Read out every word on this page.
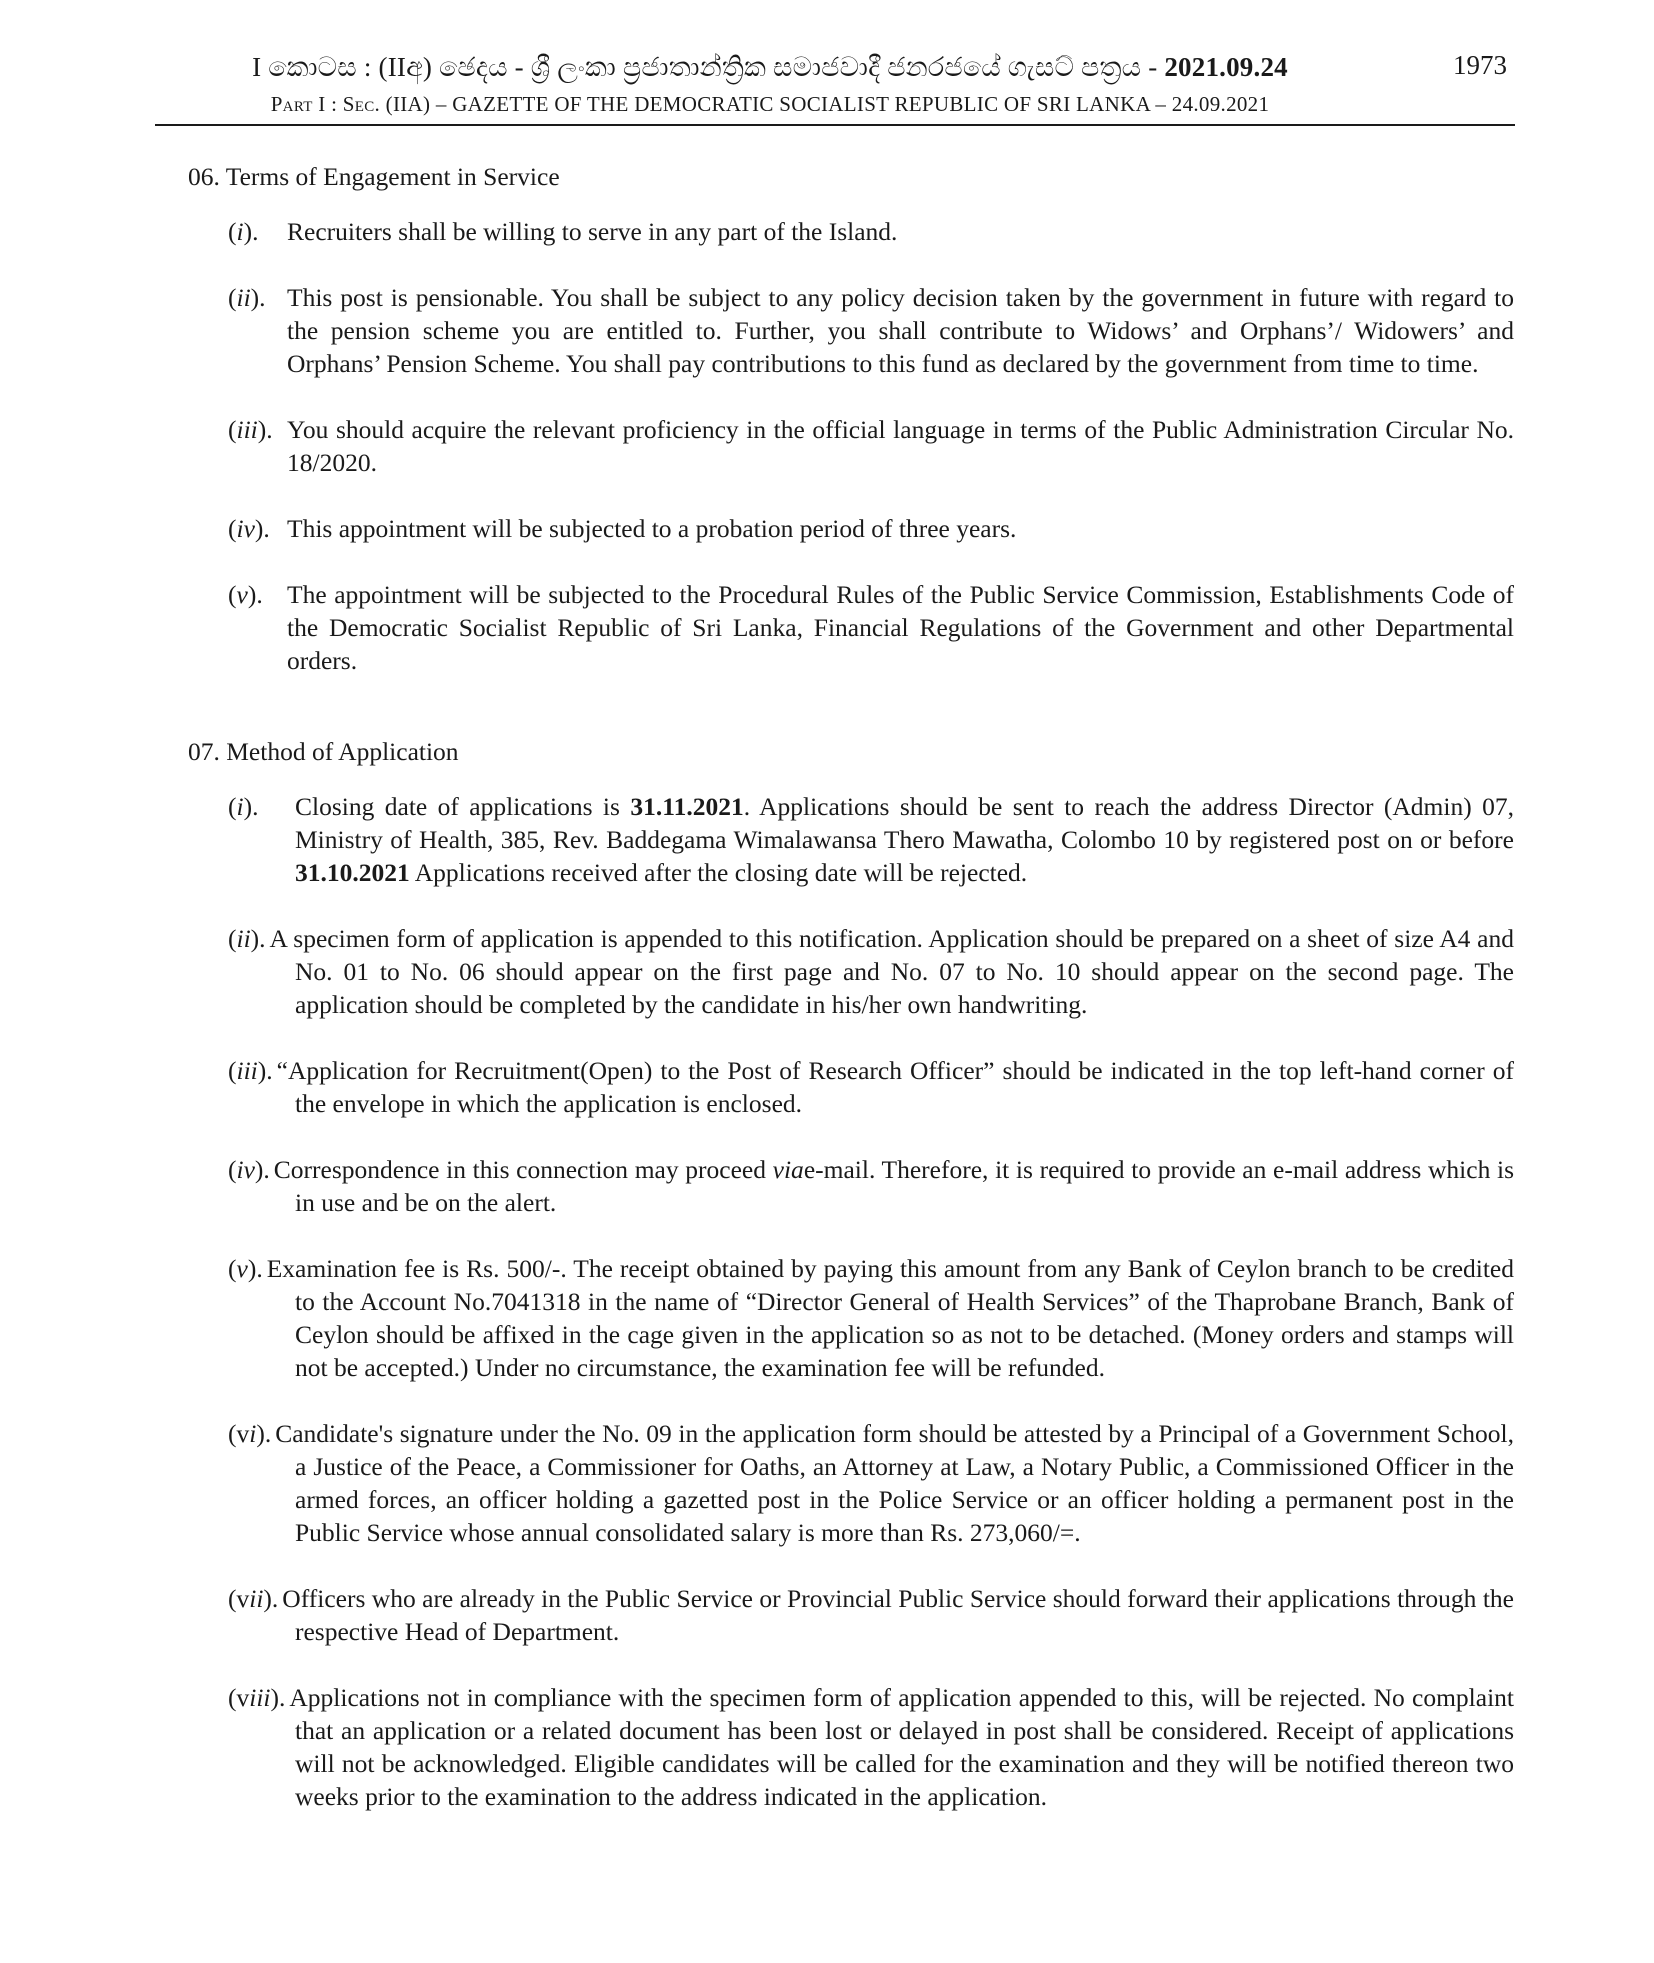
I කොටස : (IIඅ) ඡෙදය - ශ්‍රී ලංකා ප්‍රජාතාන්ත්‍රික සමාජවාදී ජනරජයේ ගැසට් පත්‍රය - 2021.09.24
Part I : Sec. (IIA) – GAZETTE OF THE DEMOCRATIC SOCIALIST REPUBLIC OF SRI LANKA – 24.09.2021
1973
06. Terms of Engagement in Service
(i). Recruiters shall be willing to serve in any part of the Island.
(ii). This post is pensionable. You shall be subject to any policy decision taken by the government in future with regard to the pension scheme you are entitled to. Further, you shall contribute to Widows’ and Orphans’/ Widowers’ and Orphans’ Pension Scheme. You shall pay contributions to this fund as declared by the government from time to time.
(iii). You should acquire the relevant proficiency in the official language in terms of the Public Administration Circular No. 18/2020.
(iv). This appointment will be subjected to a probation period of three years.
(v). The appointment will be subjected to the Procedural Rules of the Public Service Commission, Establishments Code of the Democratic Socialist Republic of Sri Lanka, Financial Regulations of the Government and other Departmental orders.
07. Method of Application
(i). Closing date of applications is 31.11.2021. Applications should be sent to reach the address Director (Admin) 07, Ministry of Health, 385, Rev. Baddegama Wimalawansa Thero Mawatha, Colombo 10 by registered post on or before 31.10.2021 Applications received after the closing date will be rejected.
(ii). A specimen form of application is appended to this notification. Application should be prepared on a sheet of size A4 and No. 01 to No. 06 should appear on the first page and No. 07 to No. 10 should appear on the second page. The application should be completed by the candidate in his/her own handwriting.
(iii). “Application for Recruitment(Open) to the Post of Research Officer” should be indicated in the top left-hand corner of the envelope in which the application is enclosed.
(iv). Correspondence in this connection may proceed viae-mail. Therefore, it is required to provide an e-mail address which is in use and be on the alert.
(v). Examination fee is Rs. 500/-. The receipt obtained by paying this amount from any Bank of Ceylon branch to be credited to the Account No.7041318 in the name of “Director General of Health Services” of the Thaprobane Branch, Bank of Ceylon should be affixed in the cage given in the application so as not to be detached. (Money orders and stamps will not be accepted.) Under no circumstance, the examination fee will be refunded.
(vi). Candidate's signature under the No. 09 in the application form should be attested by a Principal of a Government School, a Justice of the Peace, a Commissioner for Oaths, an Attorney at Law, a Notary Public, a Commissioned Officer in the armed forces, an officer holding a gazetted post in the Police Service or an officer holding a permanent post in the Public Service whose annual consolidated salary is more than Rs. 273,060/=.
(vii). Officers who are already in the Public Service or Provincial Public Service should forward their applications through the respective Head of Department.
(viii). Applications not in compliance with the specimen form of application appended to this, will be rejected. No complaint that an application or a related document has been lost or delayed in post shall be considered. Receipt of applications will not be acknowledged. Eligible candidates will be called for the examination and they will be notified thereon two weeks prior to the examination to the address indicated in the application.
